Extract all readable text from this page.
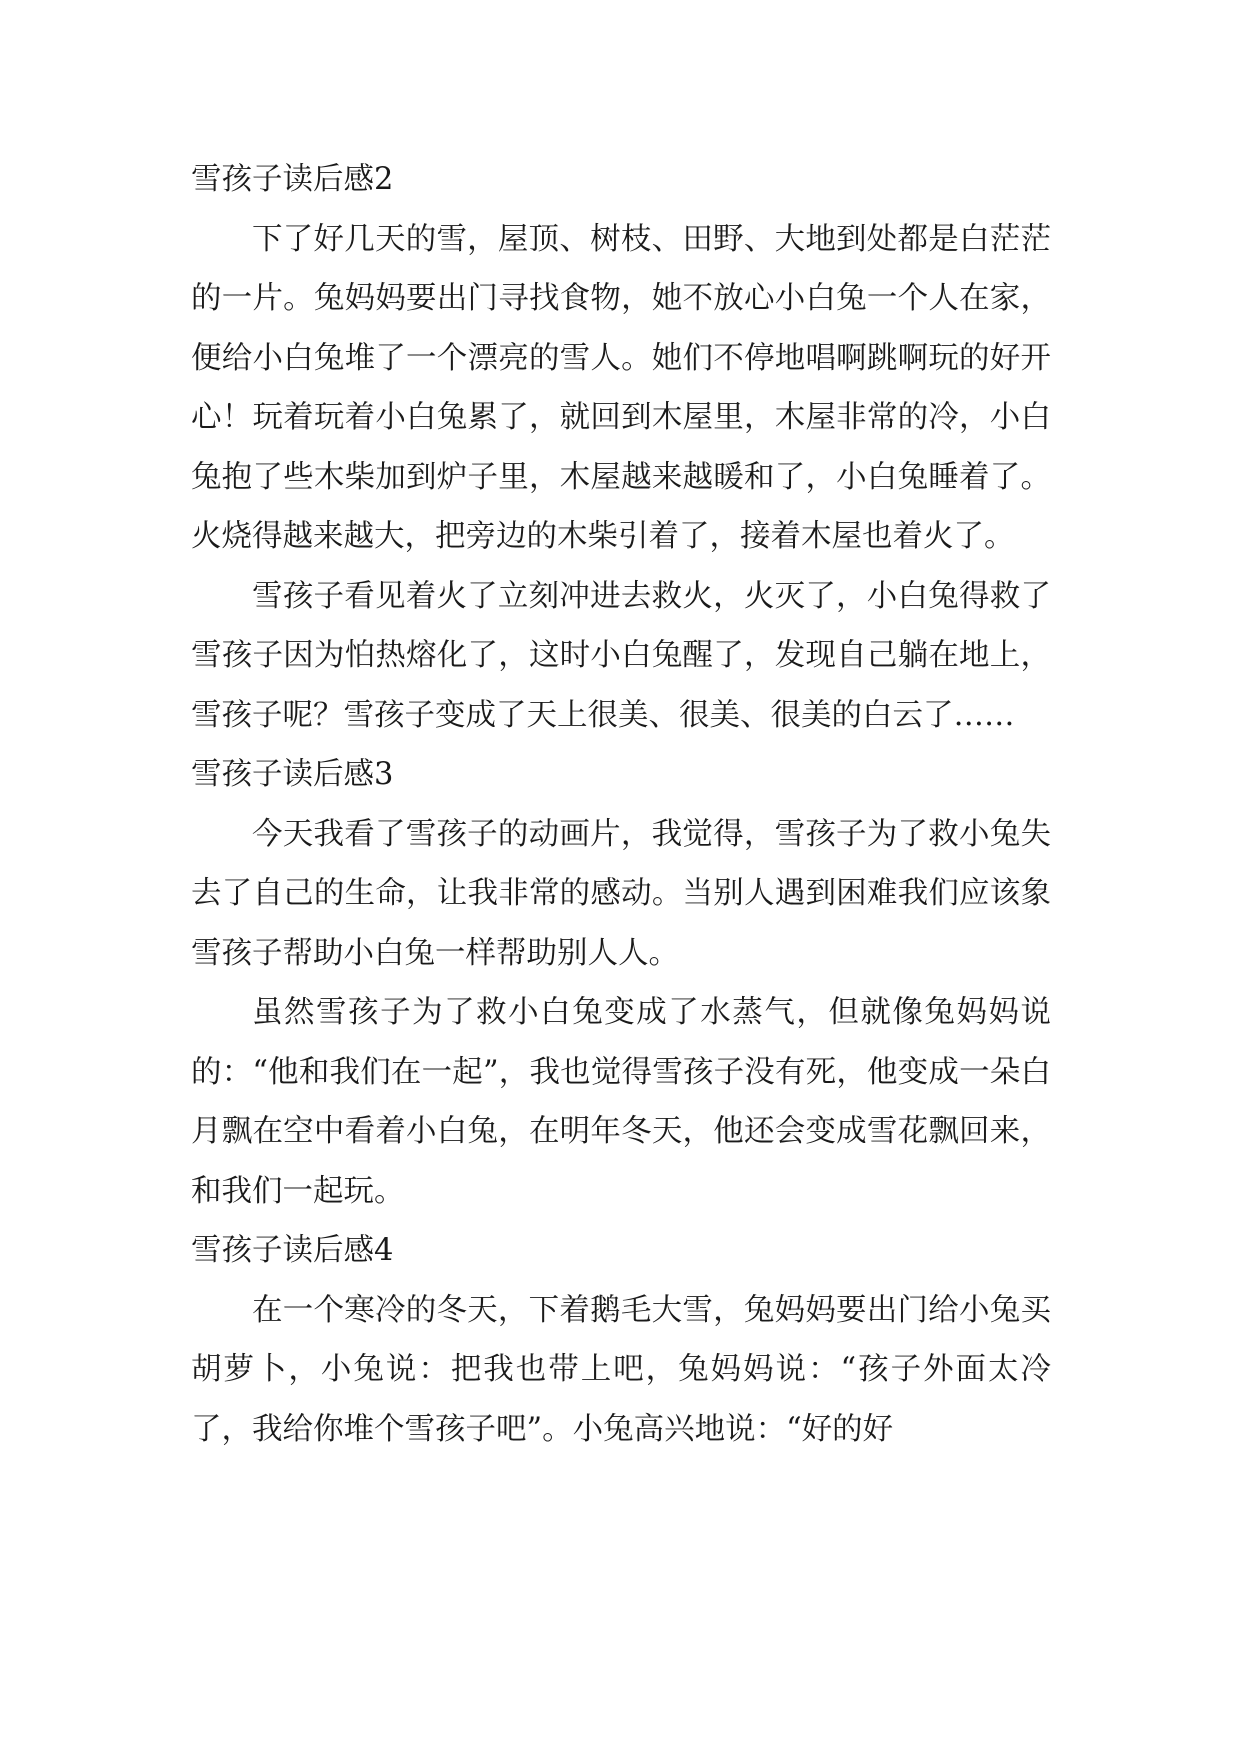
雪孩子读后感2

下了好几天的雪，屋顶、树枝、田野、大地到处都是白茫茫的一片。兔妈妈要出门寻找食物，她不放心小白兔一个人在家，便给小白兔堆了一个漂亮的雪人。她们不停地唱啊跳啊玩的好开心！玩着玩着小白兔累了，就回到木屋里，木屋非常的冷，小白兔抱了些木柴加到炉子里，木屋越来越暖和了，小白兔睡着了。火烧得越来越大，把旁边的木柴引着了，接着木屋也着火了。

雪孩子看见着火了立刻冲进去救火，火灭了，小白兔得救了雪孩子因为怕热熔化了，这时小白兔醒了，发现自己躺在地上，雪孩子呢？雪孩子变成了天上很美、很美、很美的白云了……

雪孩子读后感3

今天我看了雪孩子的动画片，我觉得，雪孩子为了救小兔失去了自己的生命，让我非常的感动。当别人遇到困难我们应该象雪孩子帮助小白兔一样帮助别人人。

虽然雪孩子为了救小白兔变成了水蒸气，但就像兔妈妈说的：“他和我们在一起”，我也觉得雪孩子没有死，他变成一朵白月飘在空中看着小白兔，在明年冬天，他还会变成雪花飘回来，和我们一起玩。

雪孩子读后感4

在一个寒冷的冬天，下着鹅毛大雪，兔妈妈要出门给小兔买胡萝卜，小兔说：把我也带上吧，兔妈妈说：“孩子外面太冷了，我给你堆个雪孩子吧”。小兔高兴地说：“好的好
